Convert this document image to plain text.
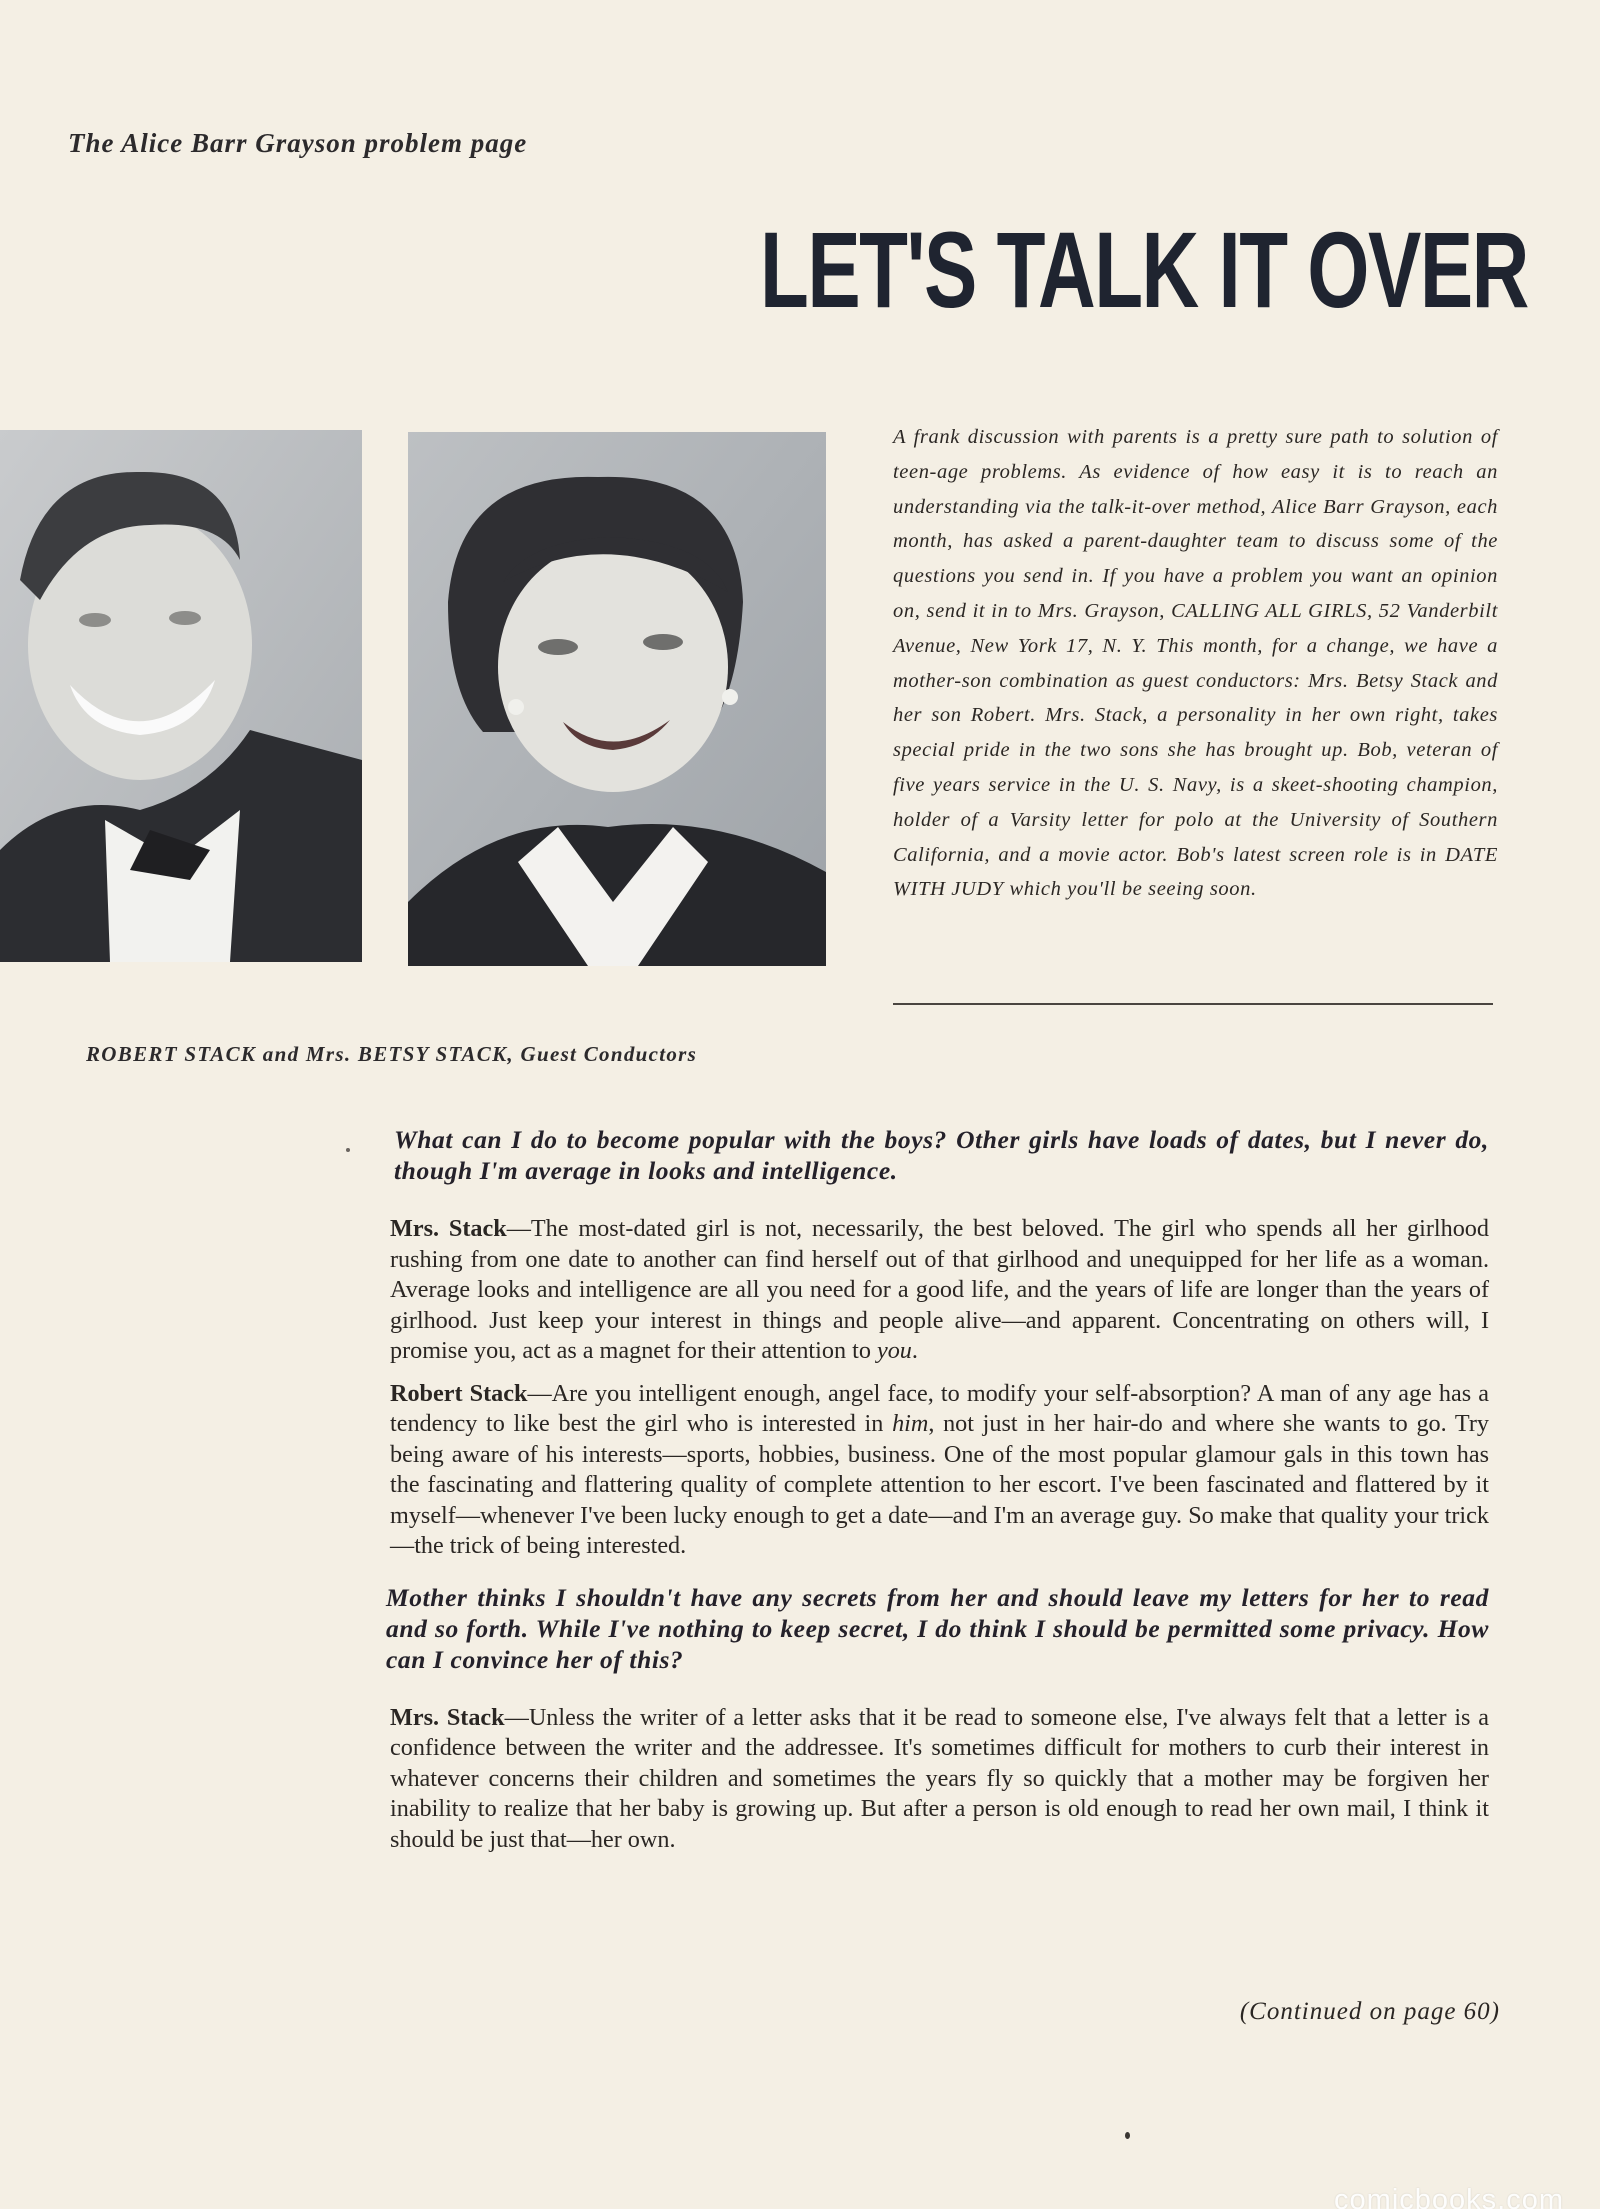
The Alice Barr Grayson problem page
LET'S TALK IT OVER
A frank discussion with parents is a pretty sure path to solution of teen-age problems. As evidence of how easy it is to reach an understanding via the talk-it-over method, Alice Barr Grayson, each month, has asked a parent-daughter team to discuss some of the questions you send in. If you have a problem you want an opinion on, send it in to Mrs. Grayson, CALLING ALL GIRLS, 52 Vanderbilt Avenue, New York 17, N. Y. This month, for a change, we have a mother-son combination as guest conductors: Mrs. Betsy Stack and her son Robert. Mrs. Stack, a personality in her own right, takes special pride in the two sons she has brought up. Bob, veteran of five years service in the U. S. Navy, is a skeet-shooting champion, holder of a Varsity letter for polo at the University of Southern California, and a movie actor. Bob's latest screen role is in DATE WITH JUDY which you'll be seeing soon.
ROBERT STACK and Mrs. BETSY STACK, Guest Conductors
What can I do to become popular with the boys? Other girls have loads of dates, but I never do, though I'm average in looks and intelligence.

Mrs. Stack—The most-dated girl is not, necessarily, the best beloved. The girl who spends all her girlhood rushing from one date to another can find herself out of that girlhood and unequipped for her life as a woman. Average looks and intelligence are all you need for a good life, and the years of life are longer than the years of girlhood. Just keep your interest in things and people alive—and apparent. Concentrating on others will, I promise you, act as a magnet for their attention to you.

Robert Stack—Are you intelligent enough, angel face, to modify your self-absorption? A man of any age has a tendency to like best the girl who is interested in him, not just in her hair-do and where she wants to go. Try being aware of his interests—sports, hobbies, business. One of the most popular glamour gals in this town has the fascinating and flattering quality of complete attention to her escort. I've been fascinated and flattered by it myself—whenever I've been lucky enough to get a date—and I'm an average guy. So make that quality your trick—the trick of being interested.

Mother thinks I shouldn't have any secrets from her and should leave my letters for her to read and so forth. While I've nothing to keep secret, I do think I should be permitted some privacy. How can I convince her of this?

Mrs. Stack—Unless the writer of a letter asks that it be read to someone else, I've always felt that a letter is a confidence between the writer and the addressee. It's sometimes difficult for mothers to curb their interest in whatever concerns their children and sometimes the years fly so quickly that a mother may be forgiven her inability to realize that her baby is growing up. But after a person is old enough to read her own mail, I think it should be just that—her own.

(Continued on page 60)
comicbooks.com
